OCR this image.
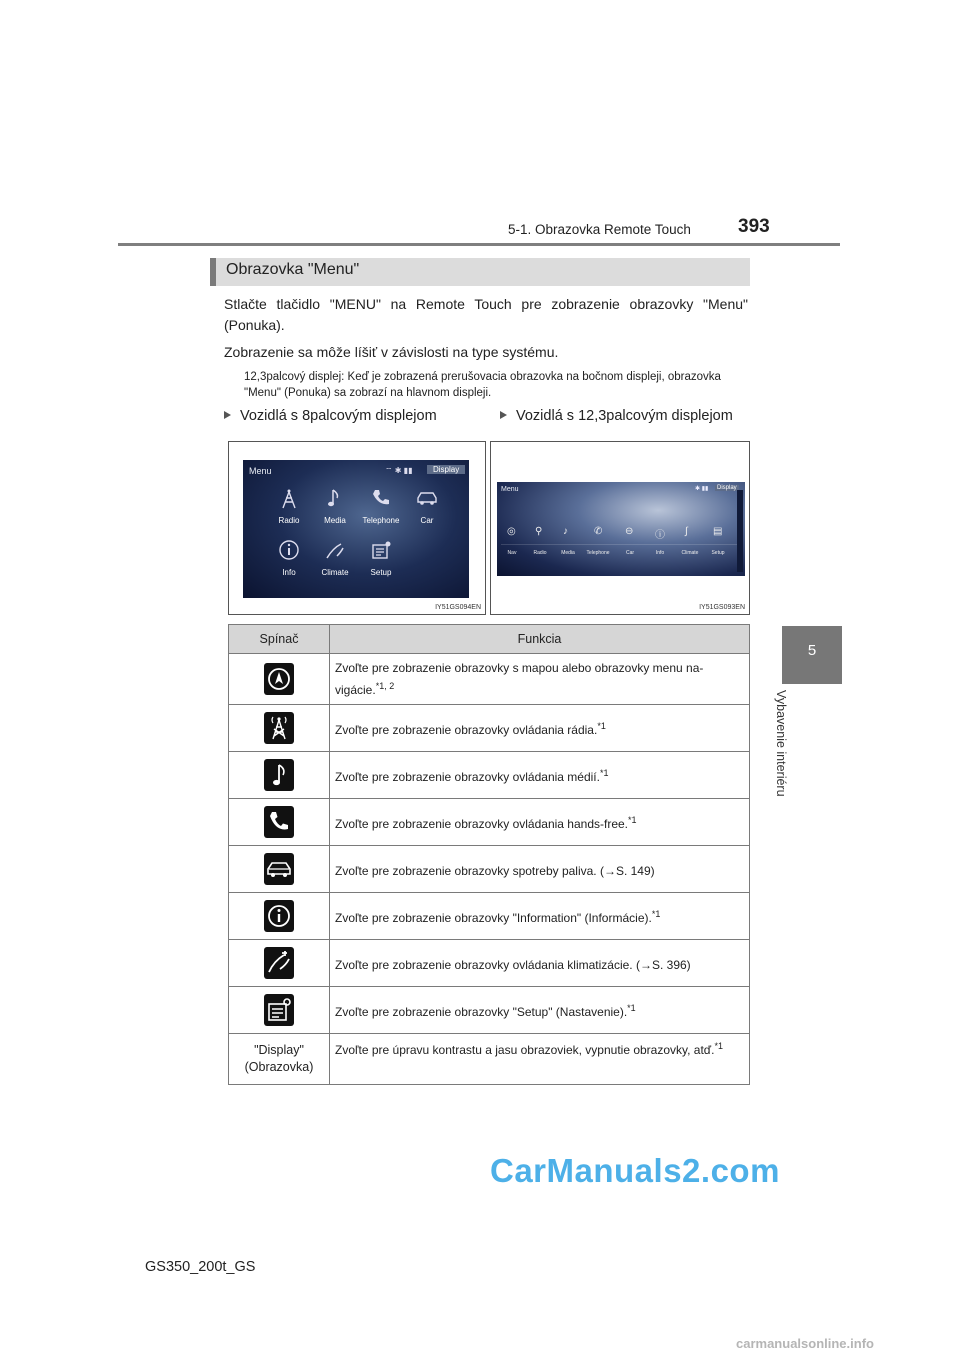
5-1. Obrazovka Remote Touch 393
5
Vybavenie interiéru
Obrazovka "Menu"
Stlačte tlačidlo "MENU" na Remote Touch pre zobrazenie obrazovky "Menu" (Ponuka).
Zobrazenie sa môže líšiť v závislosti na type systému.
12,3palcový displej: Keď je zobrazená prerušovacia obrazovka na bočnom displeji, obrazovka "Menu" (Ponuka) sa zobrazí na hlavnom displeji.
Vozidlá s 8palcovým displejom	Vozidlá s 12,3palcovým displejom
Menu	⌔ ✱ ▮▮	Display
Radio	Media	Telephone	Car
Info	Climate	Setup
IY51GS094EN
Menu	✱ ▮▮	Display
◎ ⚲ ♪	✆ ⊖ ⓘ ∫	▤
Nav	Radio	Media	Telephone	Car	Info	Climate	Setup
IY51GS093EN
Spínač	Funkcia

	Zvoľte pre zobrazenie obrazovky s mapou alebo obrazovky menu na-vigácie.$^{*1, 2}$

	Zvoľte pre zobrazenie obrazovky ovládania rádia.$^{*1}$

	Zvoľte pre zobrazenie obrazovky ovládania médií.$^{*1}$

	Zvoľte pre zobrazenie obrazovky ovládania hands-free.$^{*1}$

	Zvoľte pre zobrazenie obrazovky spotreby paliva. (→S. 149)

	Zvoľte pre zobrazenie obrazovky "Information" (Informácie).$^{*1}$

	Zvoľte pre zobrazenie obrazovky ovládania klimatizácie. (→S. 396)

	Zvoľte pre zobrazenie obrazovky "Setup" (Nastavenie).$^{*1}$

"Display"
(Obrazovka)	Zvoľte pre úpravu kontrastu a jasu obrazoviek, vypnutie obrazovky, atď.$^{*1}$
GS350_200t_GS
CarManuals2.com
carmanualsonline.info
